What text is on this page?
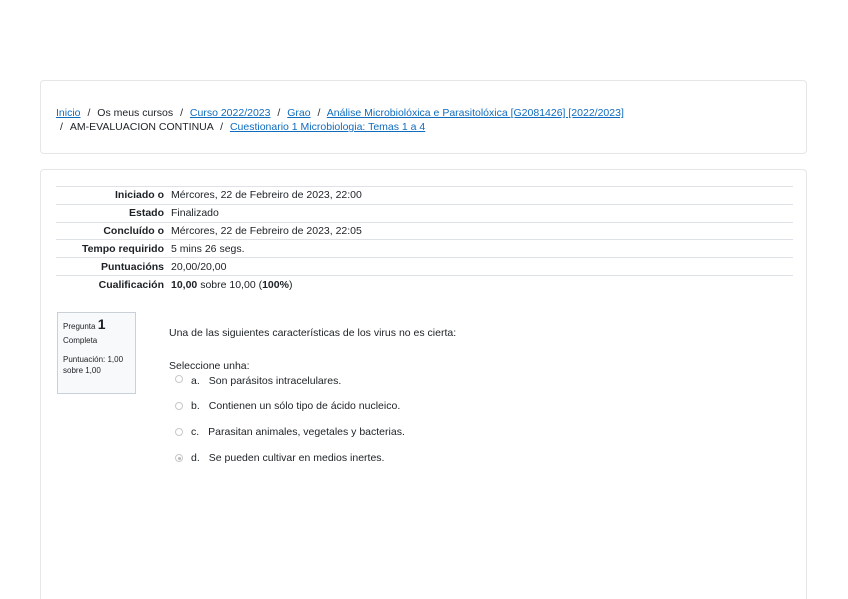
Inicio / Os meus cursos / Curso 2022/2023 / Grao / Análise Microbiolóxica e Parasitolóxica [G2081426] [2022/2023]
/ AM-EVALUACION CONTINUA / Cuestionario 1 Microbiologia: Temas 1 a 4
Iniciado o	Mércores, 22 de Febreiro de 2023, 22:00
Estado	Finalizado
Concluído o	Mércores, 22 de Febreiro de 2023, 22:05
Tempo requirido	5 mins 26 segs.
Puntuacións	20,00/20,00
Cualificación	10,00 sobre 10,00 (100%)
Pregunta 1
Completa
Puntuación: 1,00
sobre 1,00
Una de las siguientes características de los virus no es cierta:
Seleccione unha:
a. Son parásitos intracelulares.
b. Contienen un sólo tipo de ácido nucleico.
c. Parasitan animales, vegetales y bacterias.
d. Se pueden cultivar en medios inertes.
